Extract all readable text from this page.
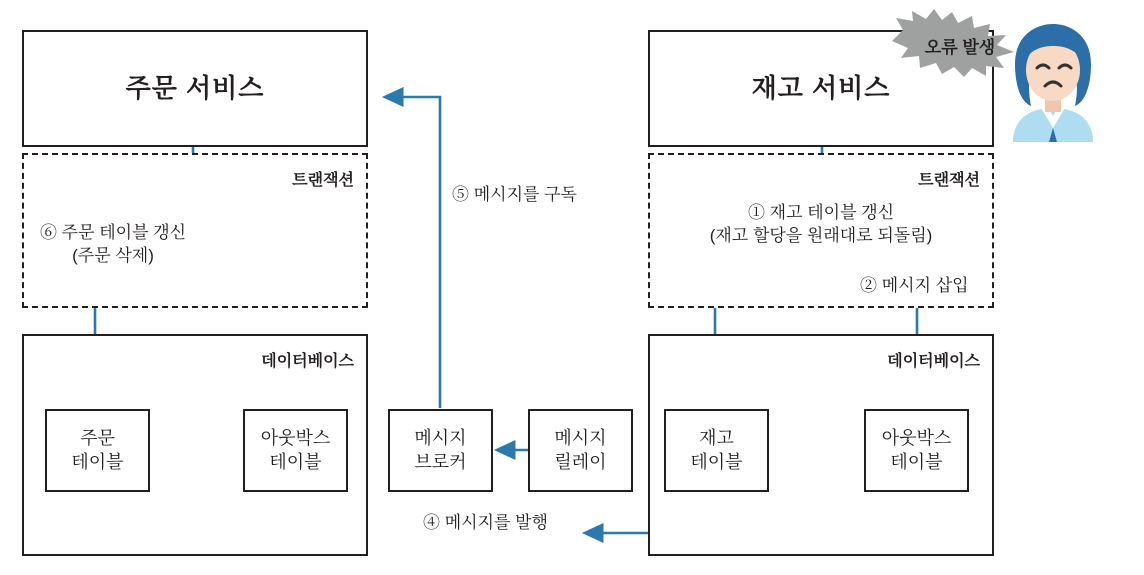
주문 서비스
트랜잭션
⑥ 주문 테이블 갱신
(주문 삭제)
데이터베이스
주문
테이블
아웃박스
테이블
메시지
브로커
메시지
릴레이
⑤ 메시지를 구독
④ 메시지를 발행
재고 서비스
트랜잭션
① 재고 테이블 갱신
(재고 할당을 원래대로 되돌림)
② 메시지 삽입
데이터베이스
재고
테이블
아웃박스
테이블
오류 발생
